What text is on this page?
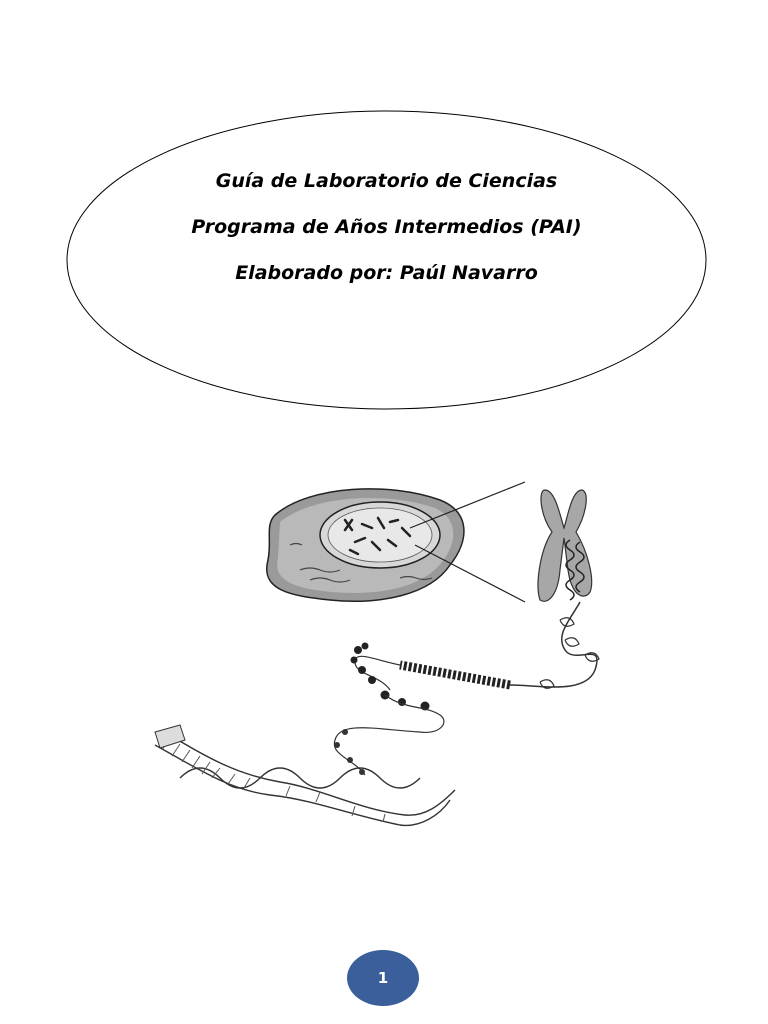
Guía de Laboratorio de Ciencias
Programa de Años Intermedios (PAI)
Elaborado por: Paúl Navarro
1
